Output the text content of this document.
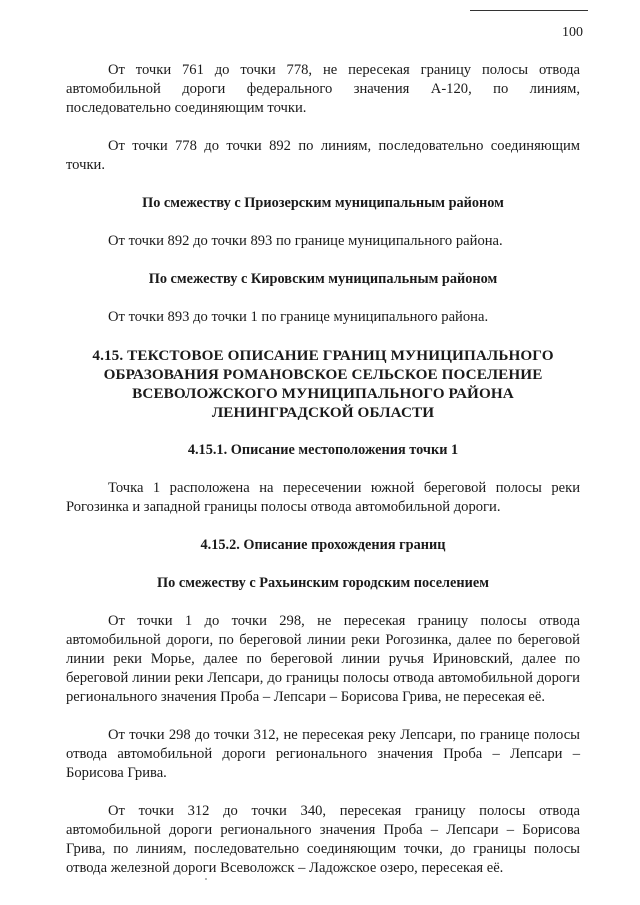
100

От точки 761 до точки 778, не пересекая границу полосы отвода автомобильной дороги федерального значения А-120, по линиям, последовательно соединяющим точки.

От точки 778 до точки 892 по линиям, последовательно соединяющим точки.

По смежеству с Приозерским муниципальным районом

От точки 892 до точки 893 по границе муниципального района.

По смежеству с Кировским муниципальным районом

От точки 893 до точки 1 по границе муниципального района.

4.15. ТЕКСТОВОЕ ОПИСАНИЕ ГРАНИЦ МУНИЦИПАЛЬНОГО ОБРАЗОВАНИЯ РОМАНОВСКОЕ СЕЛЬСКОЕ ПОСЕЛЕНИЕ ВСЕВОЛОЖСКОГО МУНИЦИПАЛЬНОГО РАЙОНА ЛЕНИНГРАДСКОЙ ОБЛАСТИ

4.15.1. Описание местоположения точки 1

Точка 1 расположена на пересечении южной береговой полосы реки Рогозинка и западной границы полосы отвода автомобильной дороги.

4.15.2. Описание прохождения границ

По смежеству с Рахьинским городским поселением

От точки 1 до точки 298, не пересекая границу полосы отвода автомобильной дороги, по береговой линии реки Рогозинка, далее по береговой линии реки Морье, далее по береговой линии ручья Ириновский, далее по береговой линии реки Лепсари, до границы полосы отвода автомобильной дороги регионального значения Проба – Лепсари – Борисова Грива, не пересекая её.

От точки 298 до точки 312, не пересекая реку Лепсари, по границе полосы отвода автомобильной дороги регионального значения Проба – Лепсари – Борисова Грива.

От точки 312 до точки 340, пересекая границу полосы отвода автомобильной дороги регионального значения Проба – Лепсари – Борисова Грива, по линиям, последовательно соединяющим точки, до границы полосы отвода железной дороги Всеволожск – Ладожское озеро, пересекая её.
